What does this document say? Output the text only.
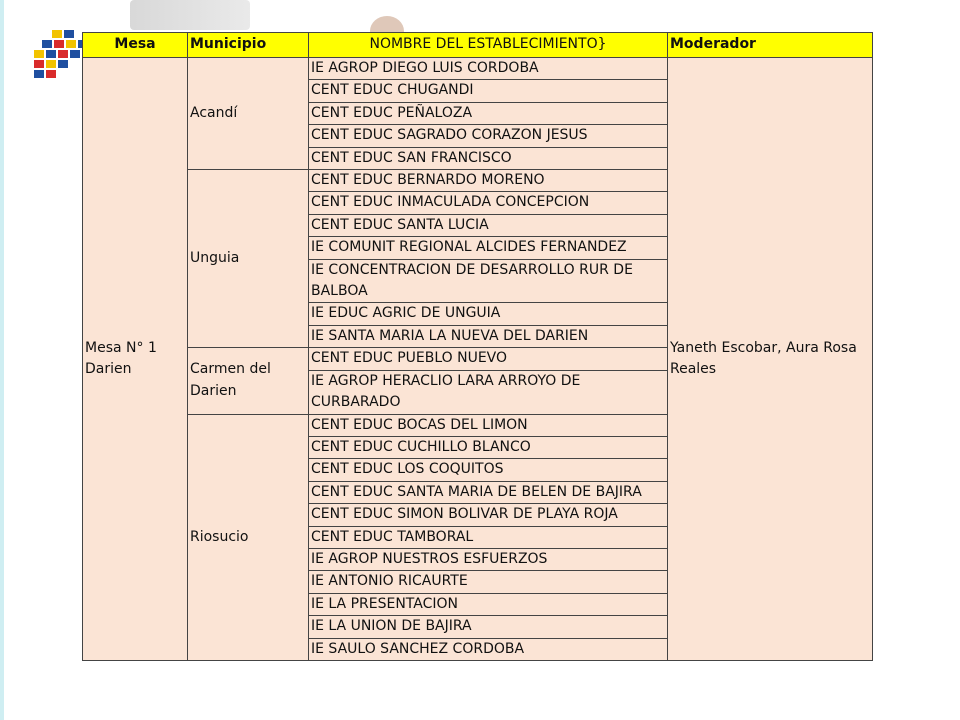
Mesa	Municipio	NOMBRE DEL ESTABLECIMIENTO}	Moderador
Mesa N° 1 Darien	Acandí	IE AGROP DIEGO LUIS CORDOBA	Yaneth Escobar, Aura Rosa Reales
		CENT EDUC CHUGANDI	
		CENT EDUC PEÑALOZA	
		CENT EDUC SAGRADO CORAZON JESUS	
		CENT EDUC SAN FRANCISCO	
	Unguia	CENT EDUC BERNARDO MORENO	
		CENT EDUC INMACULADA CONCEPCION	
		CENT EDUC SANTA LUCIA	
		IE COMUNIT REGIONAL ALCIDES FERNANDEZ	
		IE CONCENTRACION DE DESARROLLO RUR DE BALBOA	
		IE EDUC AGRIC DE UNGUIA	
		IE SANTA MARIA LA NUEVA DEL DARIEN	
	Carmen del Darien	CENT EDUC PUEBLO NUEVO	
		IE AGROP HERACLIO LARA ARROYO DE CURBARADO	
	Riosucio	CENT EDUC BOCAS DEL LIMON	
		CENT EDUC CUCHILLO BLANCO	
		CENT EDUC LOS COQUITOS	
		CENT EDUC SANTA MARIA DE BELEN DE BAJIRA	
		CENT EDUC SIMON BOLIVAR DE PLAYA ROJA	
		CENT EDUC TAMBORAL	
		IE AGROP NUESTROS ESFUERZOS	
		IE ANTONIO RICAURTE	
		IE LA PRESENTACION	
		IE LA UNION DE BAJIRA	
		IE SAULO SANCHEZ CORDOBA	
